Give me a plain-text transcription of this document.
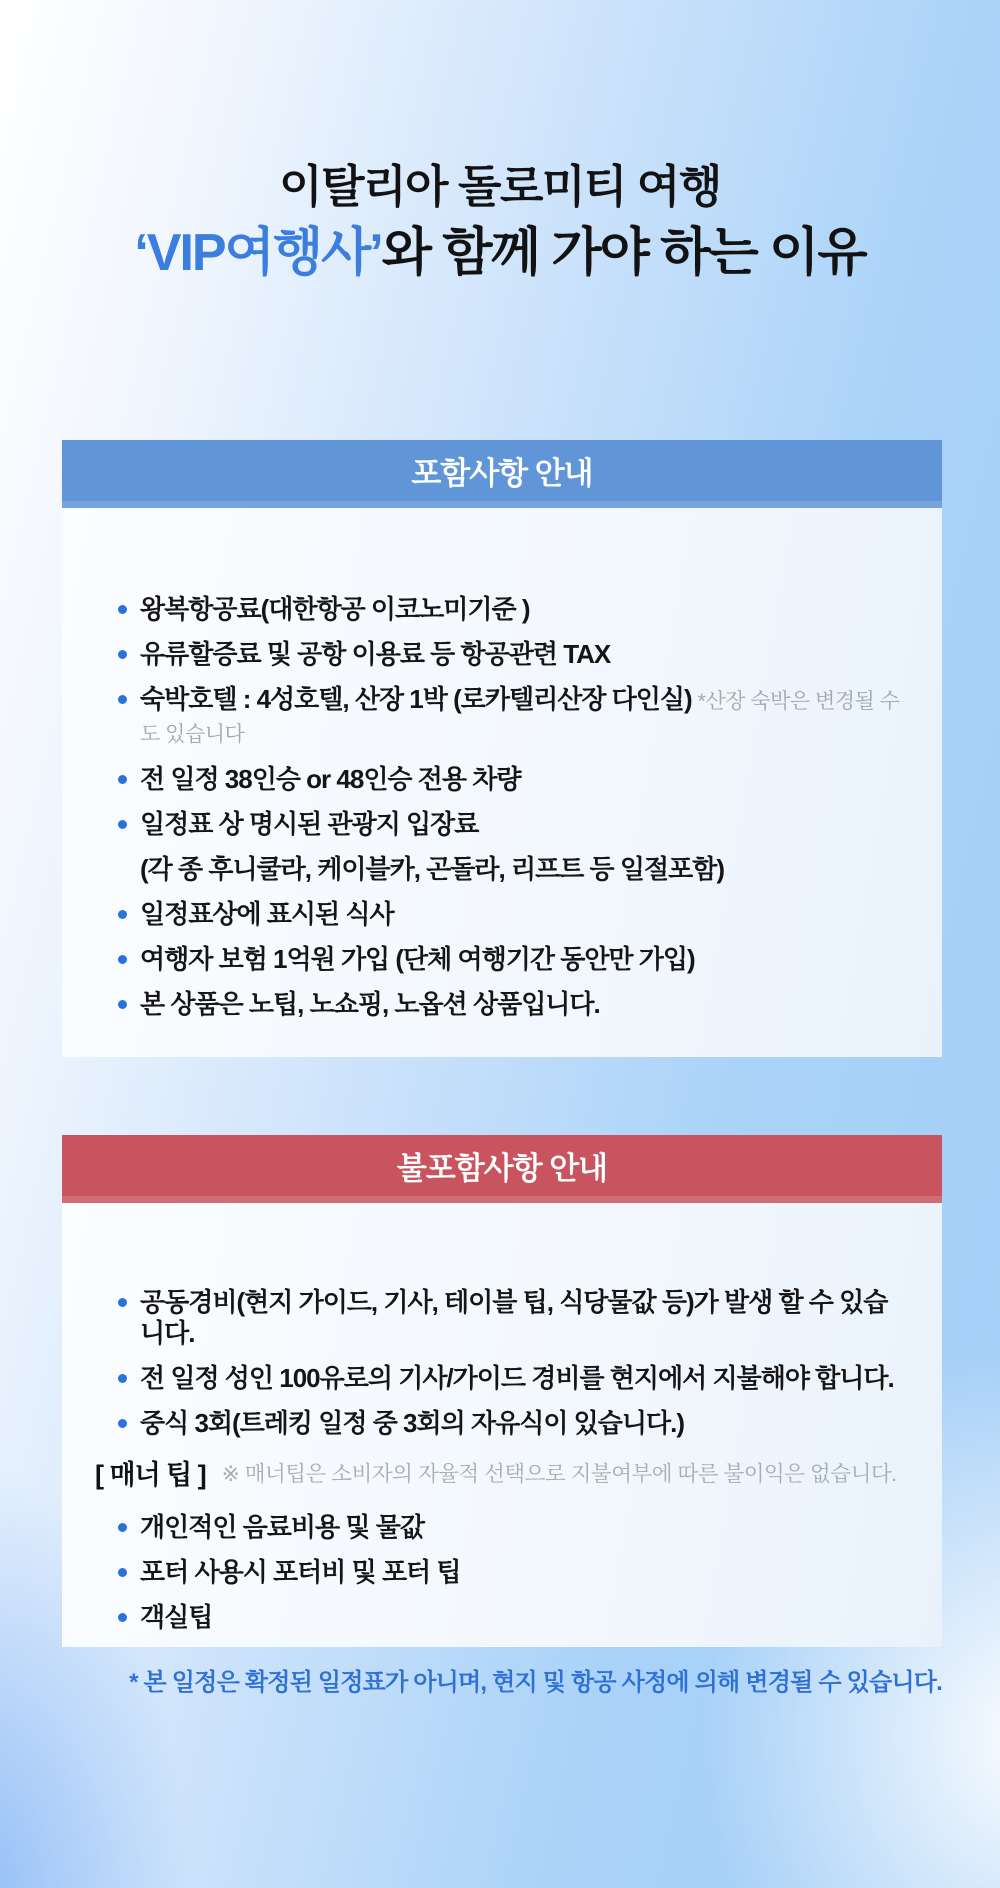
이탈리아 돌로미티 여행
‘VIP여행사’와 함께 가야 하는 이유
포함사항 안내
왕복항공료(대한항공 이코노미기준 )
유류할증료 및 공항 이용료 등 항공관련 TAX
숙박호텔 : 4성호텔, 산장 1박 (로카텔리산장 다인실) *산장 숙박은 변경될 수도 있습니다
전 일정 38인승 or 48인승 전용 차량
일정표 상 명시된 관광지 입장료
(각 종 후니쿨라, 케이블카, 곤돌라, 리프트 등 일절포함)
일정표상에 표시된 식사
여행자 보험 1억원 가입 (단체 여행기간 동안만 가입)
본 상품은 노팁, 노쇼핑, 노옵션 상품입니다.
불포함사항 안내
공동경비(현지 가이드, 기사, 테이블 팁, 식당물값 등)가 발생 할 수 있습니다.
전 일정 성인 100유로의 기사/가이드 경비를 현지에서 지불해야 합니다.
중식 3회(트레킹 일정 중 3회의 자유식이 있습니다.)
[ 매너 팁 ] ※ 매너팁은 소비자의 자율적 선택으로 지불여부에 따른 불이익은 없습니다.
개인적인 음료비용 및 물값
포터 사용시 포터비 및 포터 팁
객실팁
* 본 일정은 확정된 일정표가 아니며, 현지 및 항공 사정에 의해 변경될 수 있습니다.
